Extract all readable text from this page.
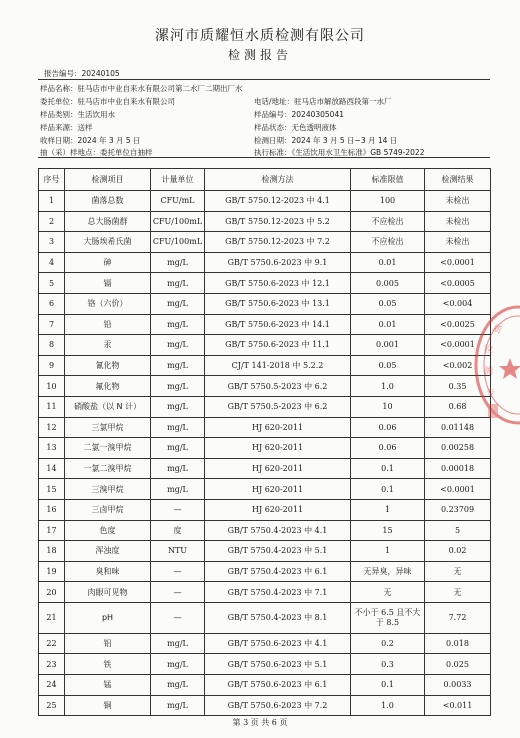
漯河市质耀恒水质检测有限公司
检测报告
报告编号：20240105
样品名称：驻马店市中业自来水有限公司第二水厂二期出厂水
委托单位：驻马店市中业自来水有限公司	电话/地址：驻马店市解放路西段第一水厂
样品类别：生活饮用水	样品编号：20240305041
样品来源：送样	样品状态：无色透明液体
收样日期：2024 年 3 月 5 日	检测日期：2024 年 3 月 5 日~3 月 14 日
抽（采）样地点：委托单位自抽样	执行标准：《生活饮用水卫生标准》GB 5749-2022
序号	检测项目	计量单位	检测方法	标准限值	检测结果
1	菌落总数	CFU/mL	GB/T 5750.12-2023 中 4.1	100	未检出
2	总大肠菌群	CFU/100mL	GB/T 5750.12-2023 中 5.2	不应检出	未检出
3	大肠埃希氏菌	CFU/100mL	GB/T 5750.12-2023 中 7.2	不应检出	未检出
4	砷	mg/L	GB/T 5750.6-2023 中 9.1	0.01	<0.0001
5	镉	mg/L	GB/T 5750.6-2023 中 12.1	0.005	<0.0005
6	铬（六价）	mg/L	GB/T 5750.6-2023 中 13.1	0.05	<0.004
7	铅	mg/L	GB/T 5750.6-2023 中 14.1	0.01	<0.0025
8	汞	mg/L	GB/T 5750.6-2023 中 11.1	0.001	<0.0001
9	氰化物	mg/L	CJ/T 141-2018 中 5.2.2	0.05	<0.002
10	氟化物	mg/L	GB/T 5750.5-2023 中 6.2	1.0	0.35
11	硝酸盐（以 N 计）	mg/L	GB/T 5750.5-2023 中 6.2	10	0.68
12	三氯甲烷	mg/L	HJ 620-2011	0.06	0.01148
13	二氯一溴甲烷	mg/L	HJ 620-2011	0.06	0.00258
14	一氯二溴甲烷	mg/L	HJ 620-2011	0.1	0.00018
15	三溴甲烷	mg/L	HJ 620-2011	0.1	<0.0001
16	三卤甲烷	—	HJ 620-2011	1	0.23709
17	色度	度	GB/T 5750.4-2023 中 4.1	15	5
18	浑浊度	NTU	GB/T 5750.4-2023 中 5.1	1	0.02
19	臭和味	—	GB/T 5750.4-2023 中 6.1	无异臭，异味	无
20	肉眼可见物	—	GB/T 5750.4-2023 中 7.1	无	无
21	pH	—	GB/T 5750.4-2023 中 8.1	不小于 6.5 且不大于 8.5	7.72
22	铝	mg/L	GB/T 5750.6-2023 中 4.1	0.2	0.018
23	铁	mg/L	GB/T 5750.6-2023 中 5.1	0.3	0.025
24	锰	mg/L	GB/T 5750.6-2023 中 6.1	0.1	0.0033
25	铜	mg/L	GB/T 5750.6-2023 中 7.2	1.0	<0.011
第 3 页 共 6 页
质
检
测
专
